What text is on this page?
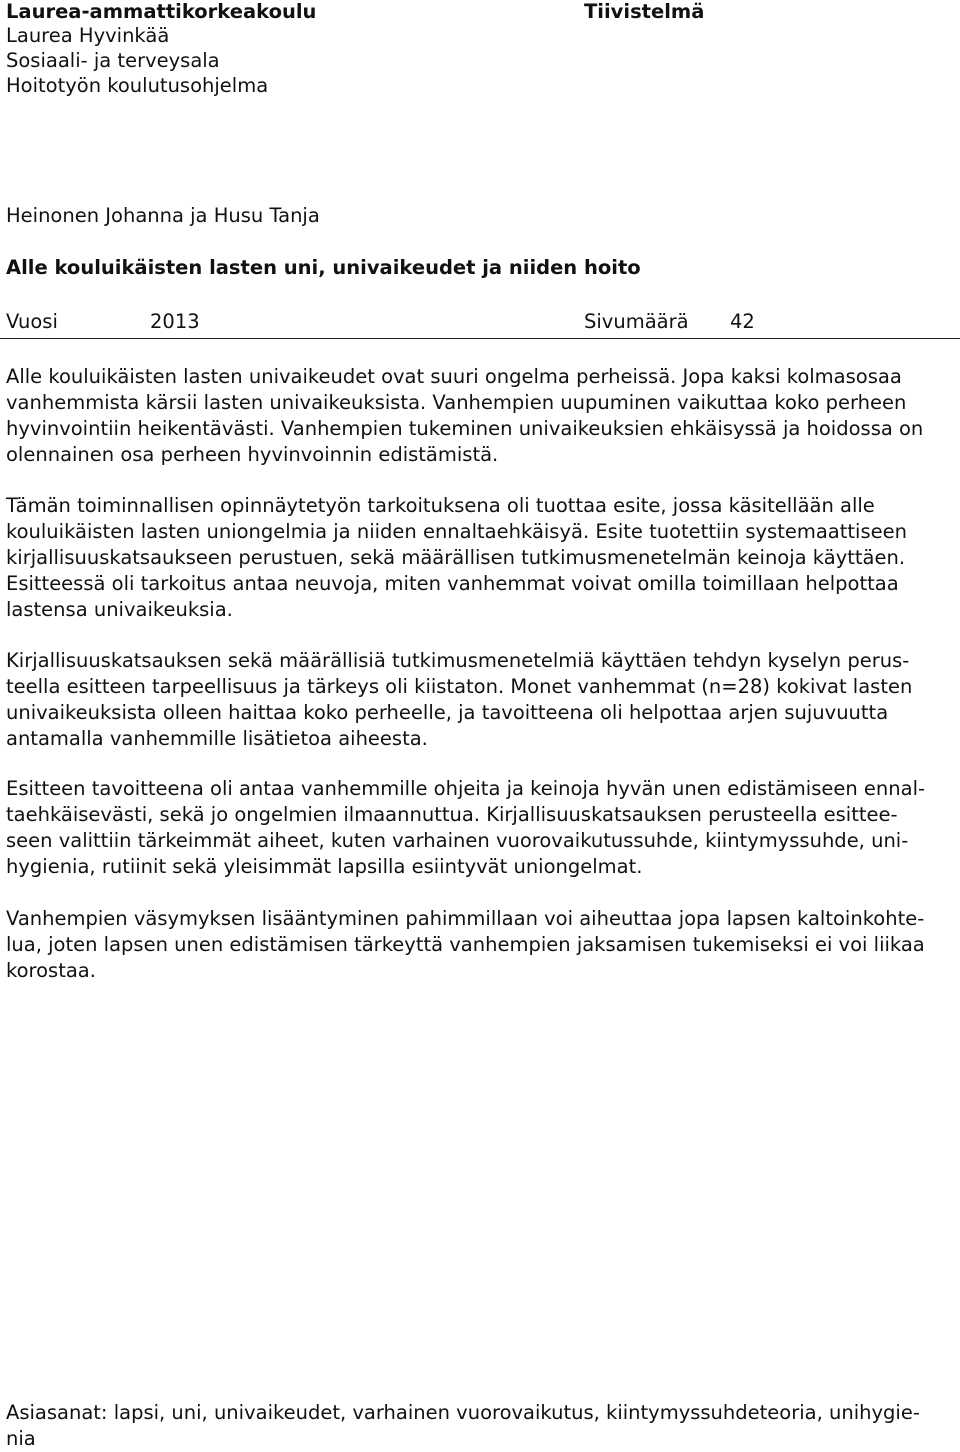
Laurea-ammattikorkeakoulu
Laurea Hyvinkää
Sosiaali- ja terveysala
Hoitotyön koulutusohjelma
Tiivistelmä
Heinonen Johanna ja Husu Tanja
Alle kouluikäisten lasten uni, univaikeudet ja niiden hoito
Vuosi	2013	Sivumäärä 42
Alle kouluikäisten lasten univaikeudet ovat suuri ongelma perheissä. Jopa kaksi kolmasosaa
vanhemmista kärsii lasten univaikeuksista. Vanhempien uupuminen vaikuttaa koko perheen
hyvinvointiin heikentävästi. Vanhempien tukeminen univaikeuksien ehkäisyssä ja hoidossa on
olennainen osa perheen hyvinvoinnin edistämistä.
Tämän toiminnallisen opinnäytetyön tarkoituksena oli tuottaa esite, jossa käsitellään alle
kouluikäisten lasten uniongelmia ja niiden ennaltaehkäisyä. Esite tuotettiin systemaattiseen
kirjallisuuskatsaukseen perustuen, sekä määrällisen tutkimusmenetelmän keinoja käyttäen.
Esitteessä oli tarkoitus antaa neuvoja, miten vanhemmat voivat omilla toimillaan helpottaa
lastensa univaikeuksia.
Kirjallisuuskatsauksen sekä määrällisiä tutkimusmenetelmiä käyttäen tehdyn kyselyn perus-
teella esitteen tarpeellisuus ja tärkeys oli kiistaton. Monet vanhemmat (n=28) kokivat lasten
univaikeuksista olleen haittaa koko perheelle, ja tavoitteena oli helpottaa arjen sujuvuutta
antamalla vanhemmille lisätietoa aiheesta.
Esitteen tavoitteena oli antaa vanhemmille ohjeita ja keinoja hyvän unen edistämiseen ennal-
taehkäisevästi, sekä jo ongelmien ilmaannuttua. Kirjallisuuskatsauksen perusteella esittee-
seen valittiin tärkeimmät aiheet, kuten varhainen vuorovaikutussuhde, kiintymyssuhde, uni-
hygienia, rutiinit sekä yleisimmät lapsilla esiintyvät uniongelmat.
Vanhempien väsymyksen lisääntyminen pahimmillaan voi aiheuttaa jopa lapsen kaltoinkohte-
lua, joten lapsen unen edistämisen tärkeyttä vanhempien jaksamisen tukemiseksi ei voi liikaa
korostaa.
Asiasanat: lapsi, uni, univaikeudet, varhainen vuorovaikutus, kiintymyssuhdeteoria, unihygie-
nia
